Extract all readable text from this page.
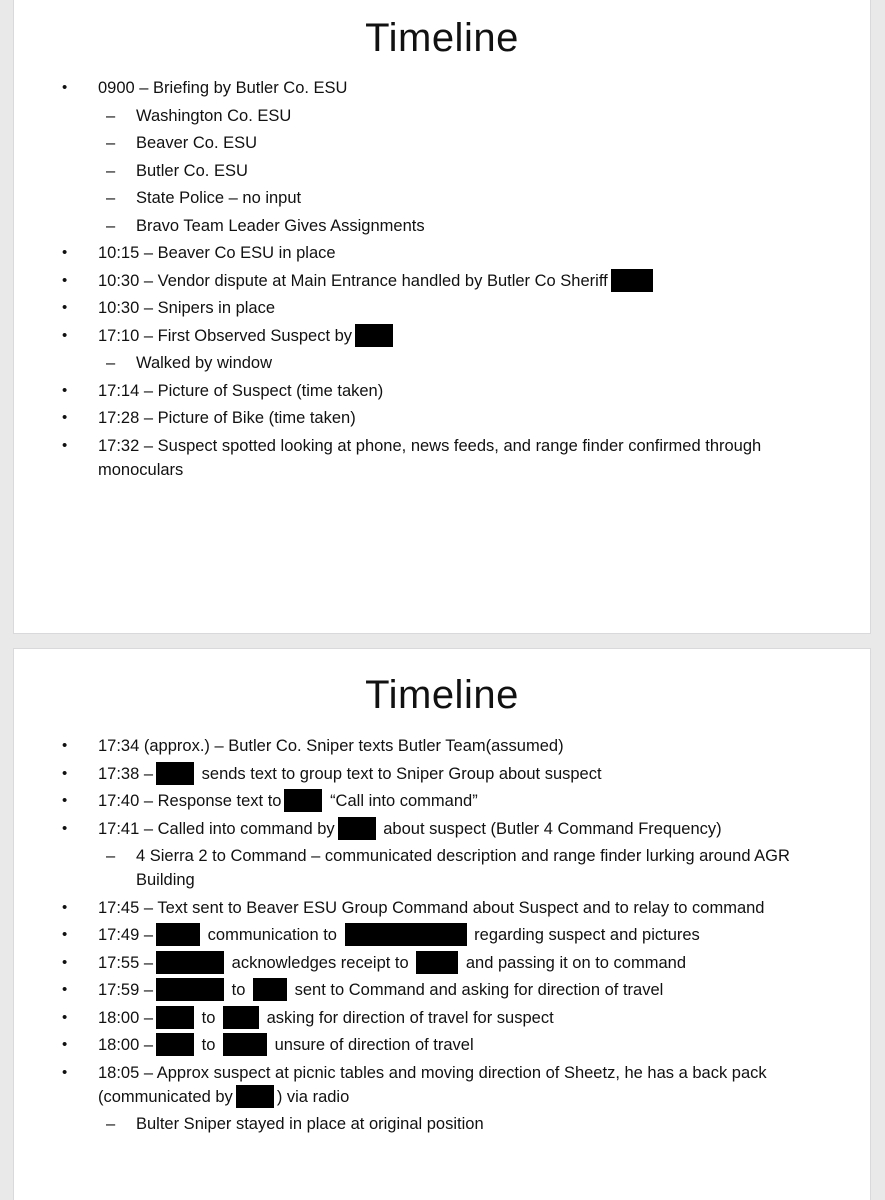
Timeline
• 0900 – Briefing by Butler Co. ESU
– Washington Co. ESU
– Beaver Co. ESU
– Butler Co. ESU
– State Police – no input
– Bravo Team Leader Gives Assignments
• 10:15 – Beaver Co ESU in place
• 10:30 – Vendor dispute at Main Entrance handled by Butler Co Sheriff
• 10:30 – Snipers in place
• 17:10 – First Observed Suspect by
– Walked by window
• 17:14 – Picture of Suspect (time taken)
• 17:28 – Picture of Bike (time taken)
• 17:32 – Suspect spotted looking at phone, news feeds, and range finder confirmed through monoculars
Timeline
• 17:34 (approx.) – Butler Co. Sniper texts Butler Team(assumed)
• 17:38 –	sends text to group text to Sniper Group about suspect
• 17:40 – Response text to	“Call into command”
• 17:41 – Called into command by	about suspect (Butler 4 Command Frequency)
– 4 Sierra 2 to Command – communicated description and range finder lurking around AGR Building
• 17:45 – Text sent to Beaver ESU Group Command about Suspect and to relay to command
• 17:49 –	communication to	regarding suspect and pictures
• 17:55 –	acknowledges receipt to	and passing it on to command
• 17:59 –	to	sent to Command and asking for direction of travel
• 18:00 –	to	asking for direction of travel for suspect
• 18:00 –	to	unsure of direction of travel
• 18:05 – Approx suspect at picnic tables and moving direction of Sheetz, he has a back pack (communicated by	) via radio
– Bulter Sniper stayed in place at original position
